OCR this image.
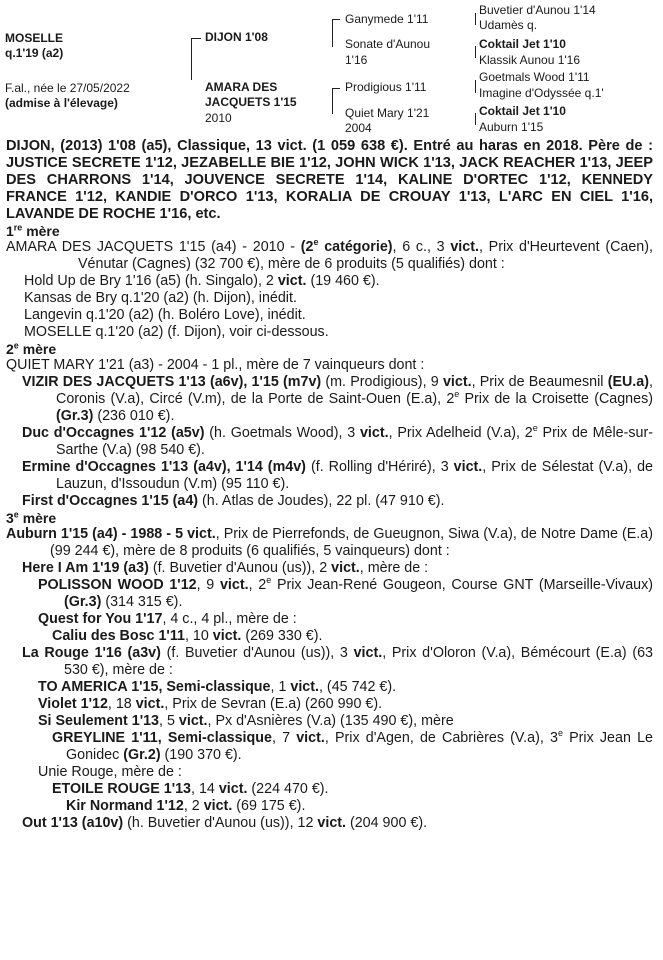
MOSELLE
q.1'19 (a2)
F.al., née le 27/05/2022
(admise à l'élevage)
DIJON 1'08
AMARA DES
JACQUETS 1'15
2010
Ganymede 1'11
Sonate d'Aunou
1'16
Prodigious 1'11
Quiet Mary 1'21
2004
Buvetier d'Aunou 1'14
Udamès q.
Coktail Jet 1'10
Klassik Aunou 1'16
Goetmals Wood 1'11
Imagine d'Odyssée q.1'
Coktail Jet 1'10
Auburn 1'15

DIJON, (2013) 1'08 (a5), Classique, 13 vict. (1 059 638 €). Entré au haras en 2018. Père de : JUSTICE SECRETE 1'12, JEZABELLE BIE 1'12, JOHN WICK 1'13, JACK REACHER 1'13, JEEP DES CHARRONS 1'14, JOUVENCE SECRETE 1'14, KALINE D'ORTEC 1'12, KENNEDY FRANCE 1'12, KANDIE D'ORCO 1'13, KORALIA DE CROUAY 1'13, L'ARC EN CIEL 1'16, LAVANDE DE ROCHE 1'16, etc.

1re mère

AMARA DES JACQUETS 1'15 (a4) - 2010 - (2e catégorie), 6 c., 3 vict., Prix d'Heurtevent (Caen), Vénutar (Cagnes) (32 700 €), mère de 6 produits (5 qualifiés) dont :

Hold Up de Bry 1'16 (a5) (h. Singalo), 2 vict. (19 460 €).

Kansas de Bry q.1'20 (a2) (h. Dijon), inédit.

Langevin q.1'20 (a2) (h. Boléro Love), inédit.

MOSELLE q.1'20 (a2) (f. Dijon), voir ci-dessous.

2e mère

QUIET MARY 1'21 (a3) - 2004 - 1 pl., mère de 7 vainqueurs dont :

VIZIR DES JACQUETS 1'13 (a6v), 1'15 (m7v) (m. Prodigious), 9 vict., Prix de Beaumesnil (EU.a), Coronis (V.a), Circé (V.m), de la Porte de Saint-Ouen (E.a), 2e Prix de la Croisette (Cagnes) (Gr.3) (236 010 €).

Duc d'Occagnes 1'12 (a5v) (h. Goetmals Wood), 3 vict., Prix Adelheid (V.a), 2e Prix de Mêle-sur-Sarthe (V.a) (98 540 €).

Ermine d'Occagnes 1'13 (a4v), 1'14 (m4v) (f. Rolling d'Hériré), 3 vict., Prix de Sélestat (V.a), de Lauzun, d'Issoudun (V.m) (95 110 €).

First d'Occagnes 1'15 (a4) (h. Atlas de Joudes), 22 pl. (47 910 €).

3e mère

Auburn 1'15 (a4) - 1988 - 5 vict., Prix de Pierrefonds, de Gueugnon, Siwa (V.a), de Notre Dame (E.a) (99 244 €), mère de 8 produits (6 qualifiés, 5 vainqueurs) dont :

Here I Am 1'19 (a3) (f. Buvetier d'Aunou (us)), 2 vict., mère de :

POLISSON WOOD 1'12, 9 vict., 2e Prix Jean-René Gougeon, Course GNT (Marseille-Vivaux) (Gr.3) (314 315 €).

Quest for You 1'17, 4 c., 4 pl., mère de :

Caliu des Bosc 1'11, 10 vict. (269 330 €).

La Rouge 1'16 (a3v) (f. Buvetier d'Aunou (us)), 3 vict., Prix d'Oloron (V.a), Bémécourt (E.a) (63 530 €), mère de :

TO AMERICA 1'15, Semi-classique, 1 vict., (45 742 €).

Violet 1'12, 18 vict., Prix de Sevran (E.a) (260 990 €).

Si Seulement 1'13, 5 vict., Px d'Asnières (V.a) (135 490 €), mère

GREYLINE 1'11, Semi-classique, 7 vict., Prix d'Agen, de Cabrières (V.a), 3e Prix Jean Le Gonidec (Gr.2) (190 370 €).

Unie Rouge, mère de :

ETOILE ROUGE 1'13, 14 vict. (224 470 €).

Kir Normand 1'12, 2 vict. (69 175 €).

Out 1'13 (a10v) (h. Buvetier d'Aunou (us)), 12 vict. (204 900 €).
